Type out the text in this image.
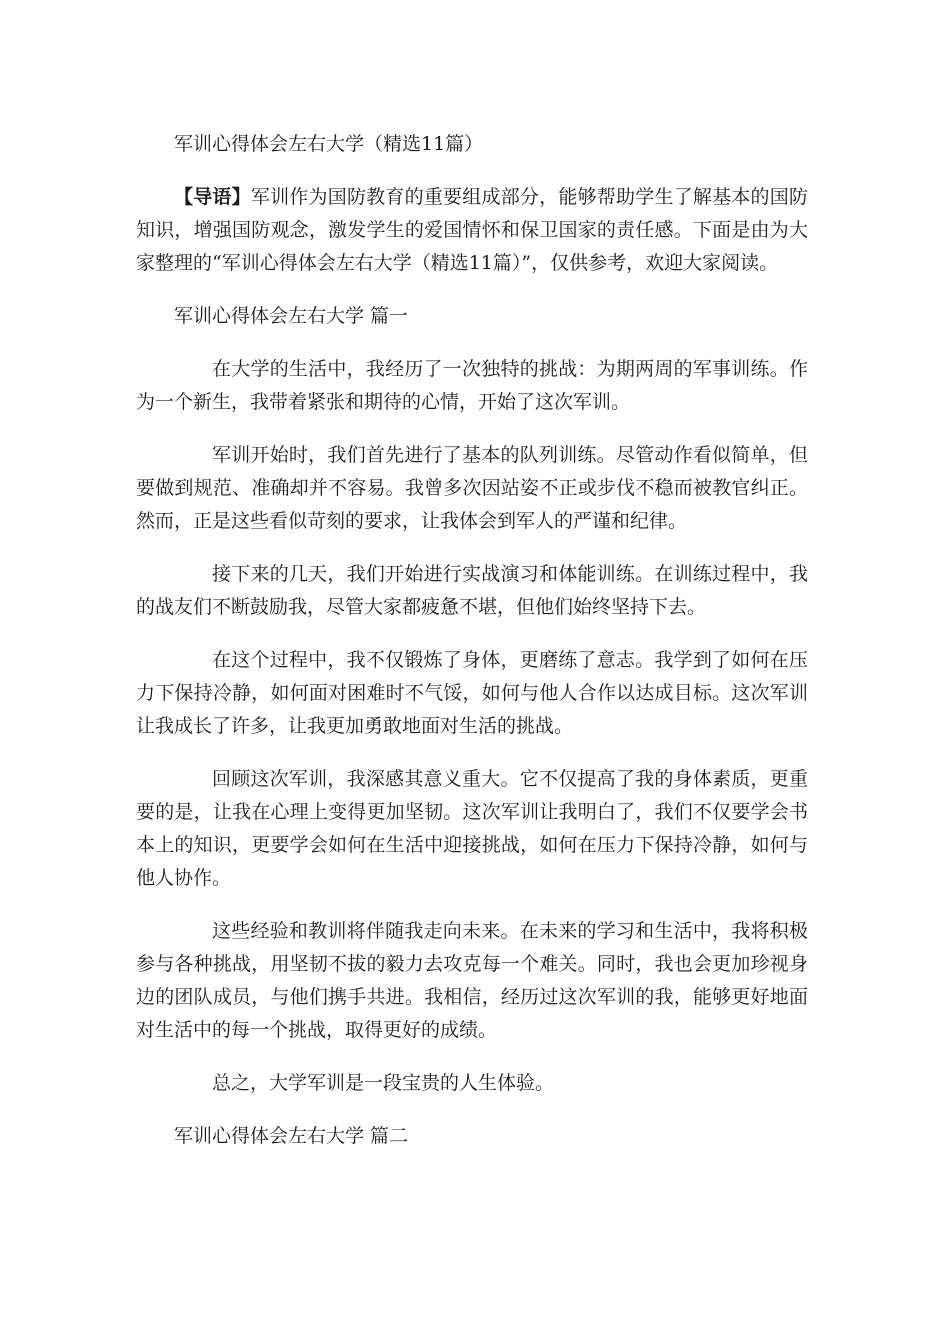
军训心得体会左右大学（精选11篇）

【导语】军训作为国防教育的重要组成部分，能够帮助学生了解基本的国防知识，增强国防观念，激发学生的爱国情怀和保卫国家的责任感。下面是由为大家整理的“军训心得体会左右大学（精选11篇）”，仅供参考，欢迎大家阅读。

军训心得体会左右大学 篇一

在大学的生活中，我经历了一次独特的挑战：为期两周的军事训练。作为一个新生，我带着紧张和期待的心情，开始了这次军训。

军训开始时，我们首先进行了基本的队列训练。尽管动作看似简单，但要做到规范、准确却并不容易。我曾多次因站姿不正或步伐不稳而被教官纠正。然而，正是这些看似苛刻的要求，让我体会到军人的严谨和纪律。

接下来的几天，我们开始进行实战演习和体能训练。在训练过程中，我的战友们不断鼓励我，尽管大家都疲惫不堪，但他们始终坚持下去。

在这个过程中，我不仅锻炼了身体，更磨练了意志。我学到了如何在压力下保持冷静，如何面对困难时不气馁，如何与他人合作以达成目标。这次军训让我成长了许多，让我更加勇敢地面对生活的挑战。

回顾这次军训，我深感其意义重大。它不仅提高了我的身体素质，更重要的是，让我在心理上变得更加坚韧。这次军训让我明白了，我们不仅要学会书本上的知识，更要学会如何在生活中迎接挑战，如何在压力下保持冷静，如何与他人协作。

这些经验和教训将伴随我走向未来。在未来的学习和生活中，我将积极参与各种挑战，用坚韧不拔的毅力去攻克每一个难关。同时，我也会更加珍视身边的团队成员，与他们携手共进。我相信，经历过这次军训的我，能够更好地面对生活中的每一个挑战，取得更好的成绩。

总之，大学军训是一段宝贵的人生体验。

军训心得体会左右大学 篇二
